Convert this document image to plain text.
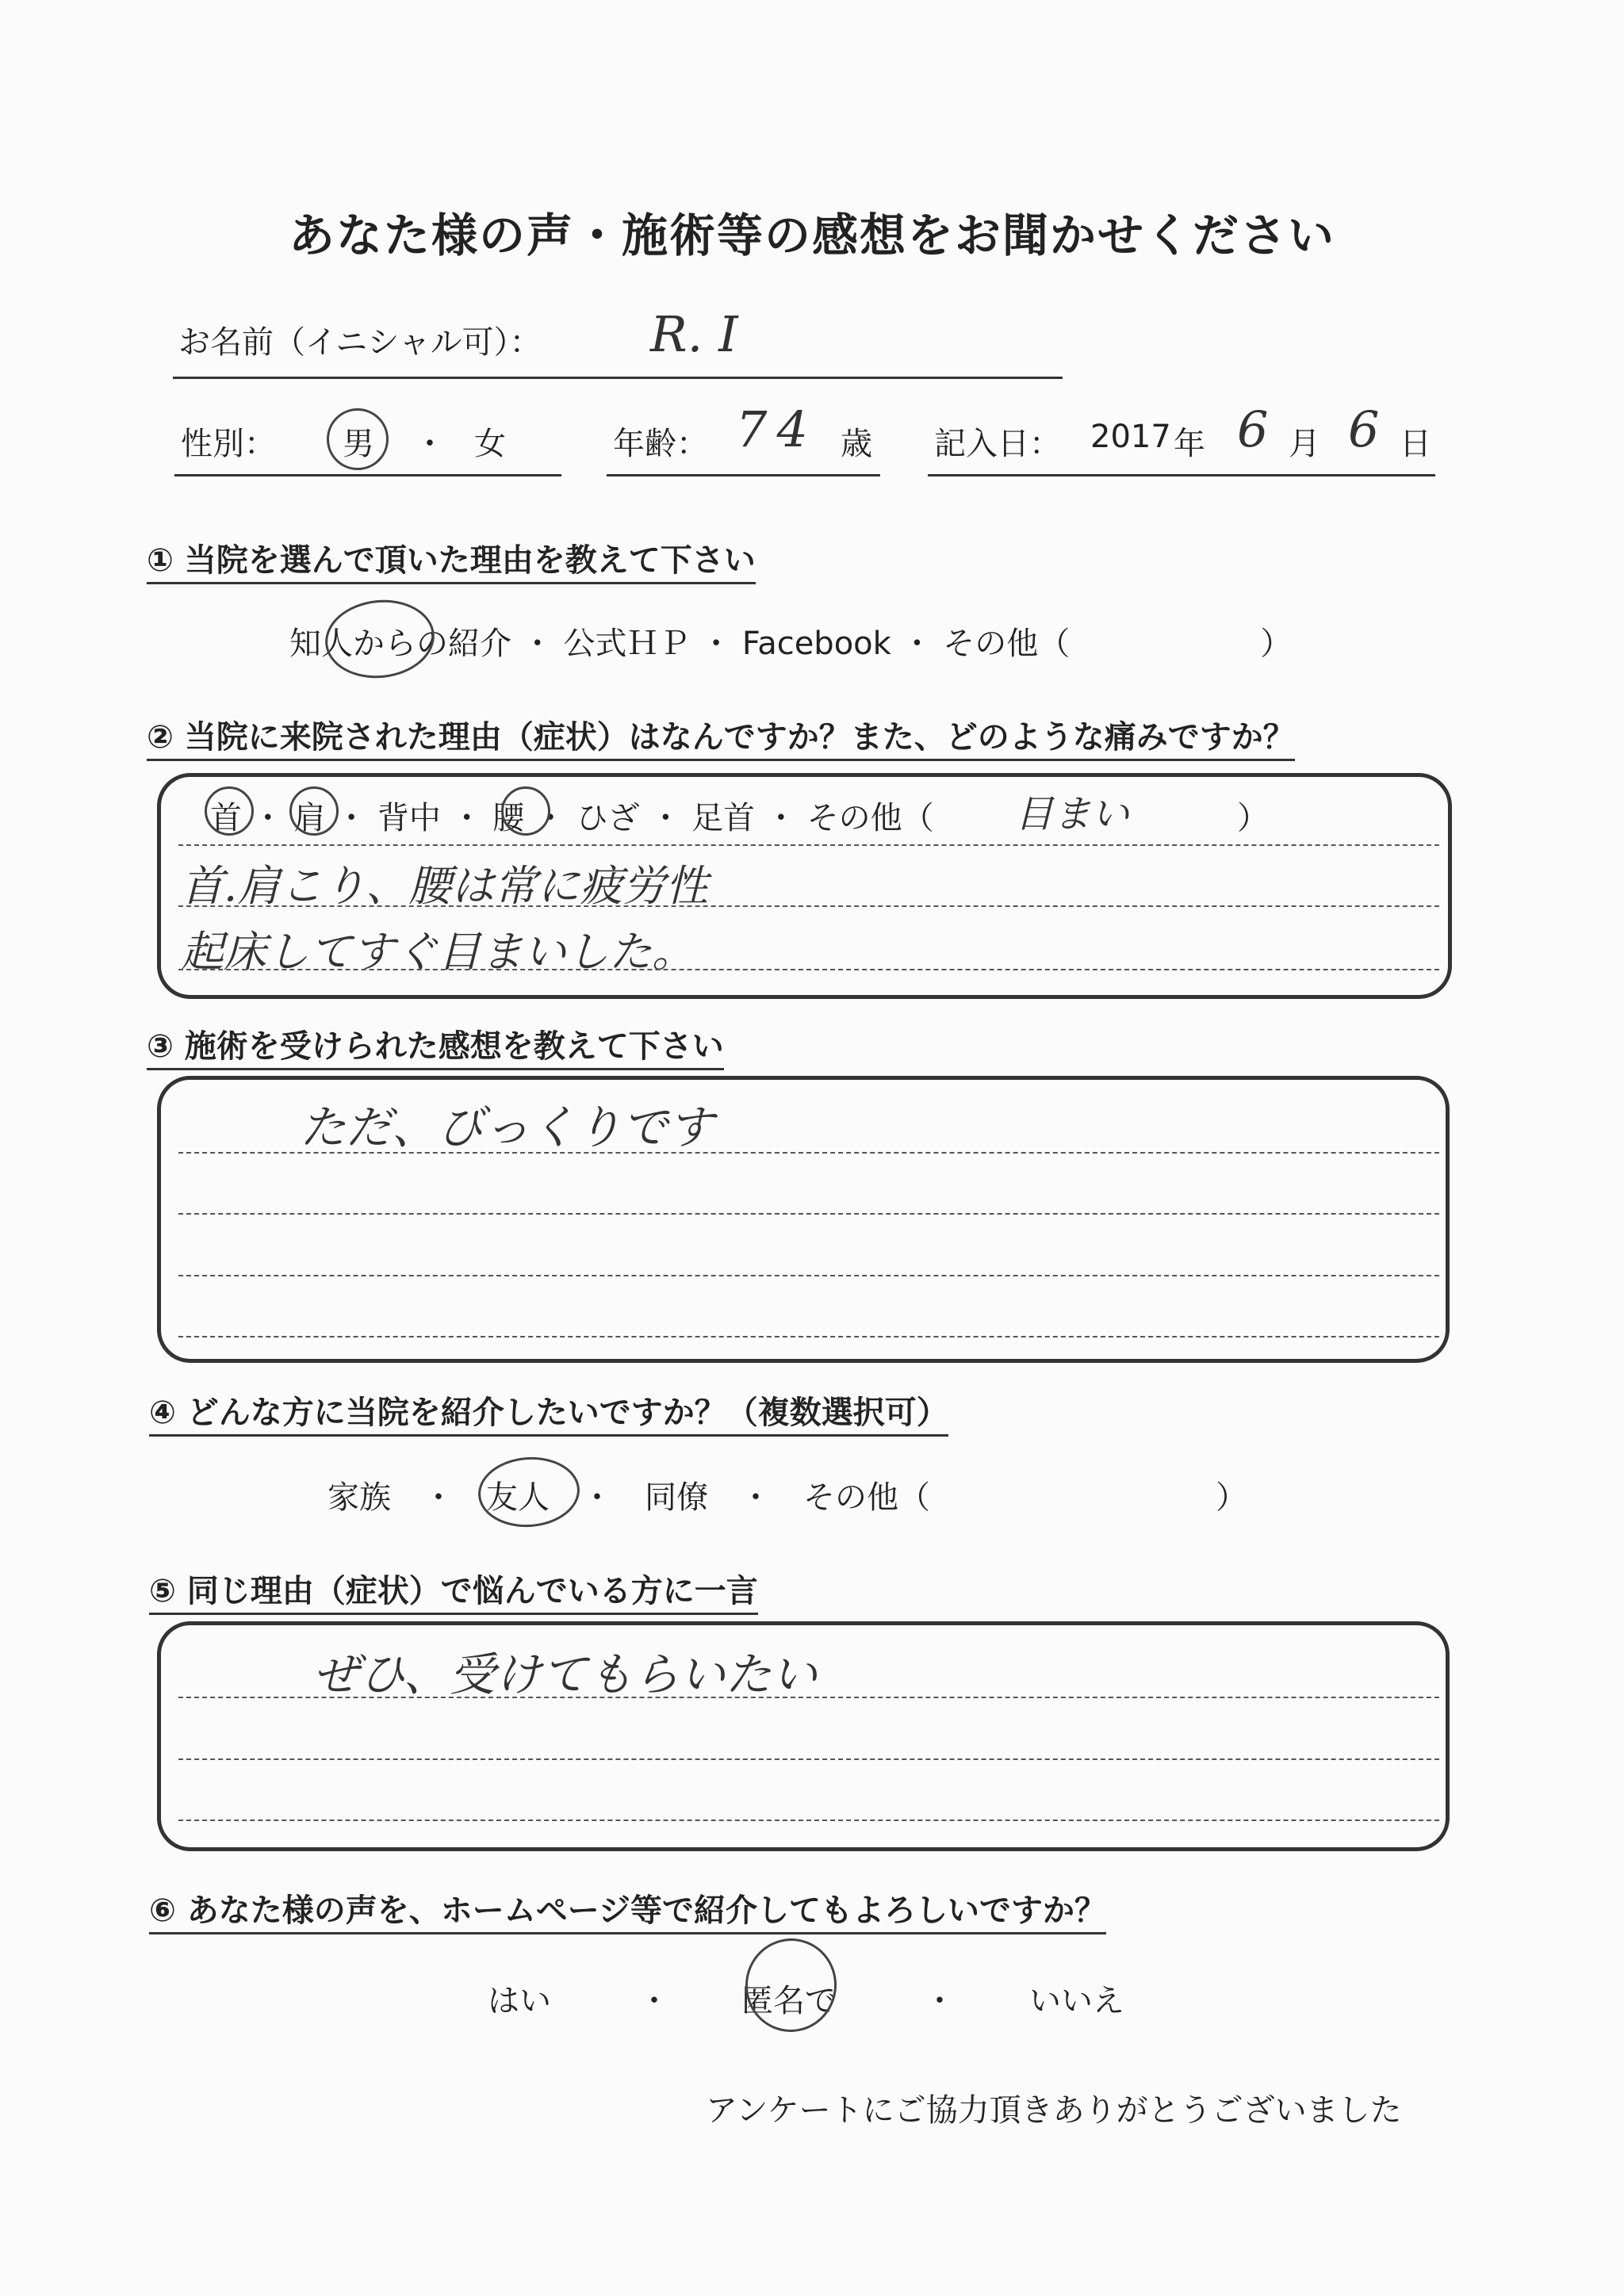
あなた様の声・施術等の感想をお聞かせください
お名前（イニシャル可）： R. I
性別： 男 ・ 女	年齢： 74 歳 記入日： 2017 年 6 月 6 日
① 当院を選んで頂いた理由を教えて下さい
知人からの紹介 ・ 公式ＨＰ ・ Facebook ・ その他（　　　　　　）
② 当院に来院された理由（症状）はなんですか？また、どのような痛みですか？
首 ・ 肩 ・ 背中 ・ 腰 ・ ひざ ・ 足首 ・ その他（ 目まい	）
首.肩こり、腰は常に疲労性
起床してすぐ目まいした。
③ 施術を受けられた感想を教えて下さい
ただ、びっくりです
④ どんな方に当院を紹介したいですか？（複数選択可）
家族　・　友人　・　同僚　・　その他（　　　　　　　　　）
⑤ 同じ理由（症状）で悩んでいる方に一言
ぜひ、受けてもらいたい
⑥ あなた様の声を、ホームページ等で紹介してもよろしいですか？
はい	・ 匿名で	・ いいえ
アンケートにご協力頂きありがとうございました
